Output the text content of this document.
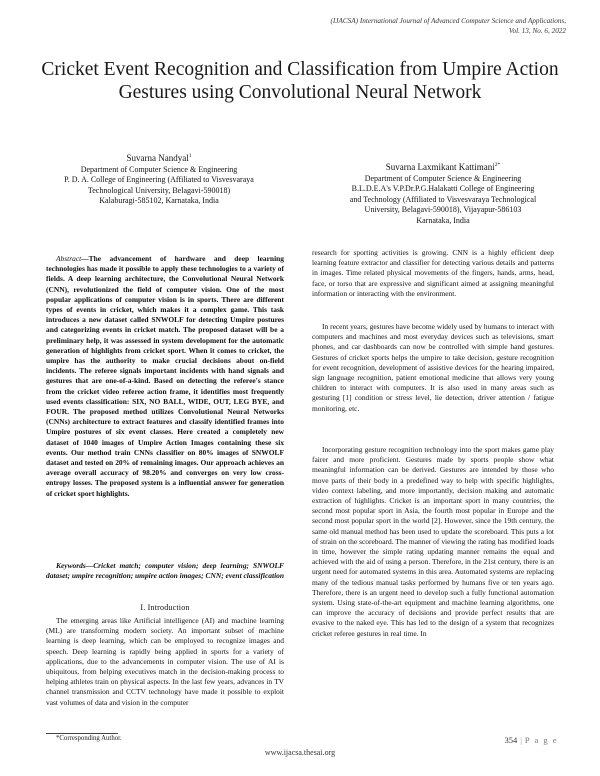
(IJACSA) International Journal of Advanced Computer Science and Applications,
Vol. 13, No. 6, 2022
Cricket Event Recognition and Classification from Umpire Action Gestures using Convolutional Neural Network
Suvarna Nandyal$^1$
Department of Computer Science & Engineering
P. D. A. College of Engineering (Affiliated to Visvesvaraya
Technological University, Belagavi-590018)
Kalaburagi-585102, Karnataka, India
Suvarna Laxmikant Kattimani$^{2*}$
Department of Computer Science & Engineering
B.L.D.E.A's V.P.Dr.P.G.Halakatti College of Engineering
and Technology (Affiliated to Visvesvaraya Technological
University, Belagavi-590018), Vijayapur-586103
Karnataka, India
Abstract—The advancement of hardware and deep learning technologies has made it possible to apply these technologies to a variety of fields. A deep learning architecture, the Convolutional Neural Network (CNN), revolutionized the field of computer vision. One of the most popular applications of computer vision is in sports. There are different types of events in cricket, which makes it a complex game. This task introduces a new dataset called SNWOLF for detecting Umpire postures and categorizing events in cricket match. The proposed dataset will be a preliminary help, it was assessed in system development for the automatic generation of highlights from cricket sport. When it comes to cricket, the umpire has the authority to make crucial decisions about on-field incidents. The referee signals important incidents with hand signals and gestures that are one-of-a-kind. Based on detecting the referee's stance from the cricket video referee action frame, it identifies most frequently used events classification: SIX, NO BALL, WIDE, OUT, LEG BYE, and FOUR. The proposed method utilizes Convolutional Neural Networks (CNNs) architecture to extract features and classify identified frames into Umpire postures of six event classes. Here created a completely new dataset of 1040 images of Umpire Action Images containing these six events. Our method train CNNs classifier on 80% images of SNWOLF dataset and tested on 20% of remaining images. Our approach achieves an average overall accuracy of 98.20% and converges on very low cross-entropy losses. The proposed system is a influential answer for generation of cricket sport highlights.
Keywords—Cricket match; computer vision; deep learning; SNWOLF dataset; umpire recognition; umpire action images; CNN; event classification
I. Introduction
The emerging areas like Artificial intelligence (AI) and machine learning (ML) are transforming modern society. An important subset of machine learning is deep learning, which can be employed to recognize images and speech. Deep learning is rapidly being applied in sports for a variety of applications, due to the advancements in computer vision. The use of AI is ubiquitous, from helping executives match in the decision-making process to helping athletes train on physical aspects. In the last few years, advances in TV channel transmission and CCTV technology have made it possible to exploit vast volumes of data and vision in the computer
*Corresponding Author.
research for sporting activities is growing. CNN is a highly efficient deep learning feature extractor and classifier for detecting various details and patterns in images. Time related physical movements of the fingers, hands, arms, head, face, or torso that are expressive and significant aimed at assigning meaningful information or interacting with the environment.
In recent years, gestures have become widely used by humans to interact with computers and machines and most everyday devices such as televisions, smart phones, and car dashboards can now be controlled with simple hand gestures. Gestures of cricket sports helps the umpire to take decision, gesture recognition for event recognition, development of assistive devices for the hearing impaired, sign language recognition, patient emotional medicine that allows very young children to interact with computers. It is also used in many areas such as gesturing [1] condition or stress level, lie detection, driver attention / fatigue monitoring, etc.
Incorporating gesture recognition technology into the sport makes game play fairer and more proficient. Gestures made by sports people show what meaningful information can be derived. Gestures are intended by those who move parts of their body in a predefined way to help with specific highlights, video context labeling, and more importantly, decision making and automatic extraction of highlights. Cricket is an important sport in many countries, the second most popular sport in Asia, the fourth most popular in Europe and the second most popular sport in the world [2]. However, since the 19th century, the same old manual method has been used to update the scoreboard. This puts a lot of strain on the scoreboard. The manner of viewing the rating has modified loads in time, however the simple rating updating manner remains the equal and achieved with the aid of using a person. Therefore, in the 21st century, there is an urgent need for automated systems in this area. Automated systems are replacing many of the tedious manual tasks performed by humans five or ten years ago. Therefore, there is an urgent need to develop such a fully functional automation system. Using state-of-the-art equipment and machine learning algorithms, one can improve the accuracy of decisions and provide perfect results that are evasive to the naked eye. This has led to the design of a system that recognizes cricket referee gestures in real time. In
354 | P a g e
www.ijacsa.thesai.org
